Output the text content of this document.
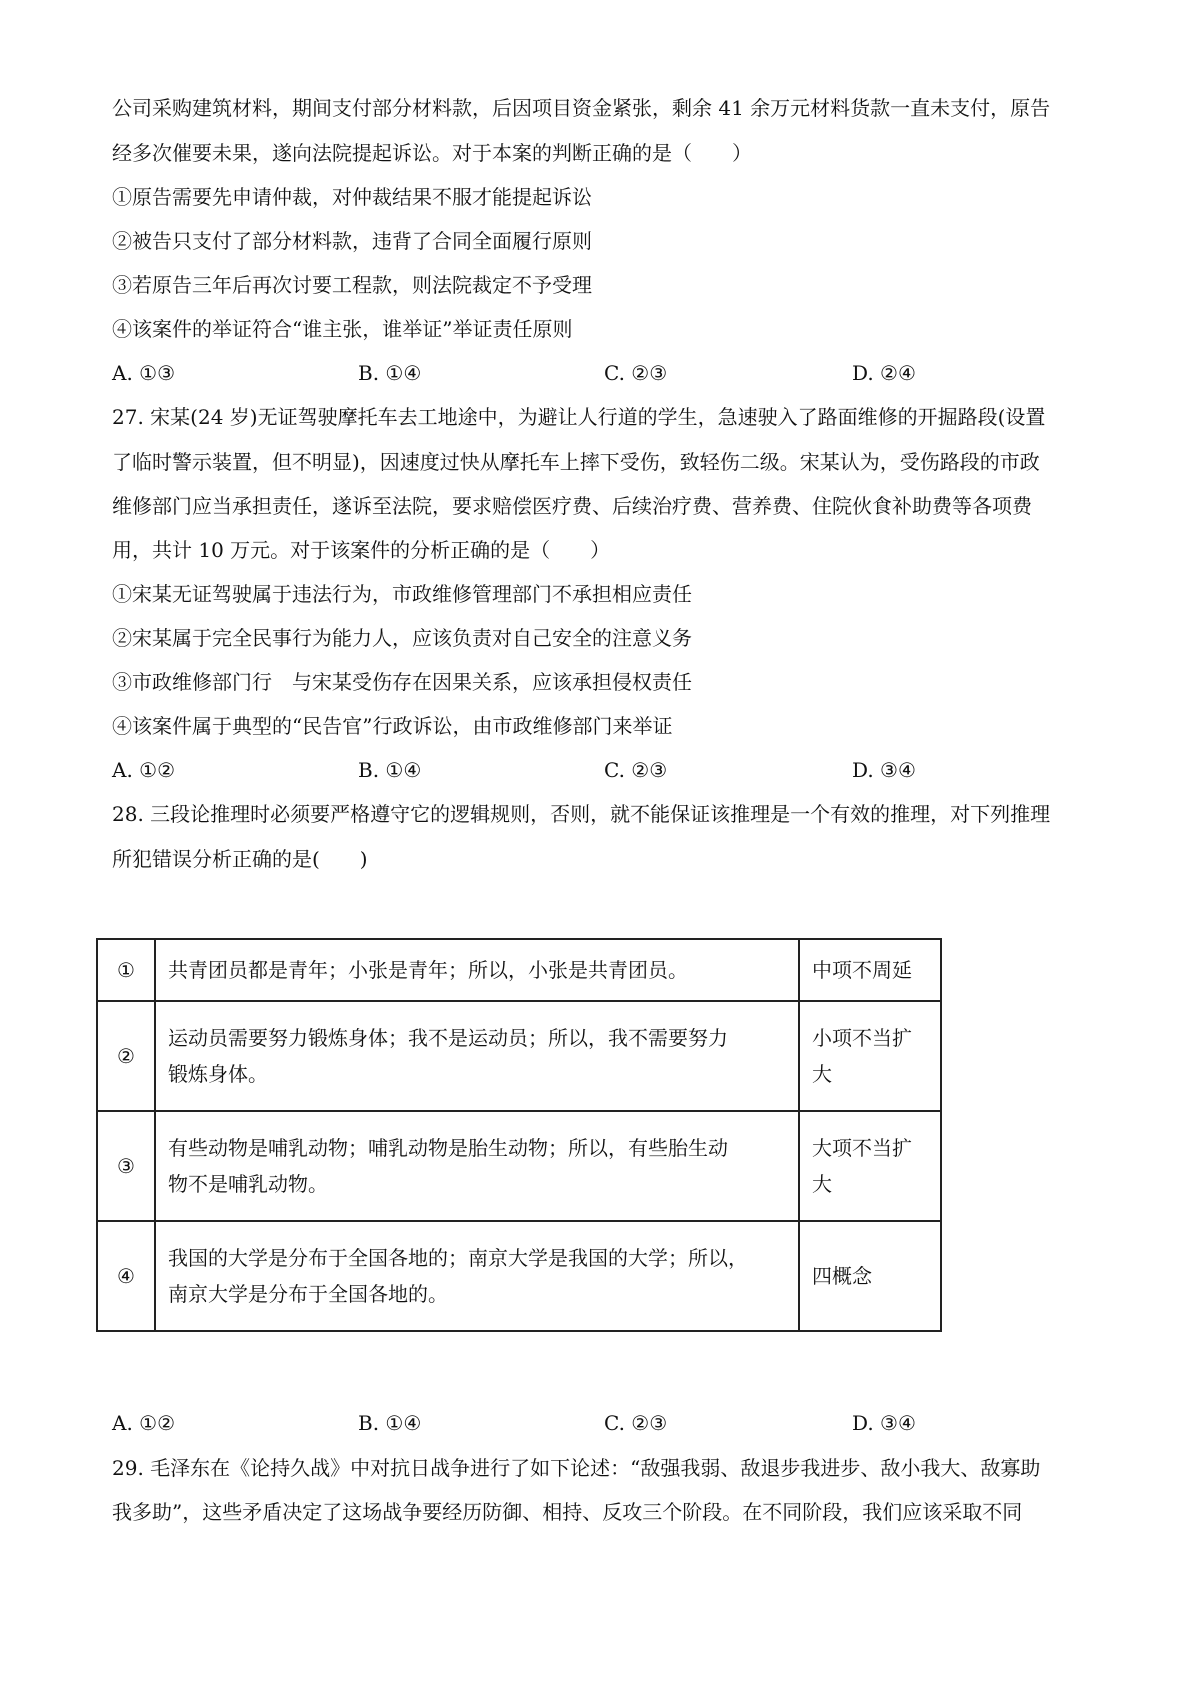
公司采购建筑材料，期间支付部分材料款，后因项目资金紧张，剩余 41 余万元材料货款一直未支付，原告
经多次催要未果，遂向法院提起诉讼。对于本案的判断正确的是（　　）
①原告需要先申请仲裁，对仲裁结果不服才能提起诉讼
②被告只支付了部分材料款，违背了合同全面履行原则
③若原告三年后再次讨要工程款，则法院裁定不予受理
④该案件的举证符合“谁主张，谁举证”举证责任原则
A. ①③	B. ①④	C. ②③	D. ②④
27. 宋某(24 岁)无证驾驶摩托车去工地途中，为避让人行道的学生，急速驶入了路面维修的开掘路段(设置
了临时警示装置，但不明显)，因速度过快从摩托车上摔下受伤，致轻伤二级。宋某认为，受伤路段的市政
维修部门应当承担责任，遂诉至法院，要求赔偿医疗费、后续治疗费、营养费、住院伙食补助费等各项费
用，共计 10 万元。对于该案件的分析正确的是（　　）
①宋某无证驾驶属于违法行为，市政维修管理部门不承担相应责任
②宋某属于完全民事行为能力人，应该负责对自己安全的注意义务
③市政维修部门行　与宋某受伤存在因果关系，应该承担侵权责任
④该案件属于典型的“民告官”行政诉讼，由市政维修部门来举证
A. ①②	B. ①④	C. ②③	D. ③④
28. 三段论推理时必须要严格遵守它的逻辑规则，否则，就不能保证该推理是一个有效的推理，对下列推理
所犯错误分析正确的是(　　)
①	共青团员都是青年；小张是青年；所以，小张是共青团员。	中项不周延
②	运动员需要努力锻炼身体；我不是运动员；所以，我不需要努力
锻炼身体。	小项不当扩大
③	有些动物是哺乳动物；哺乳动物是胎生动物；所以，有些胎生动
物不是哺乳动物。	大项不当扩大
④	我国的大学是分布于全国各地的；南京大学是我国的大学；所以，
南京大学是分布于全国各地的。	四概念
A. ①②	B. ①④	C. ②③	D. ③④
29. 毛泽东在《论持久战》中对抗日战争进行了如下论述：“敌强我弱、敌退步我进步、敌小我大、敌寡助
我多助”，这些矛盾决定了这场战争要经历防御、相持、反攻三个阶段。在不同阶段，我们应该采取不同
